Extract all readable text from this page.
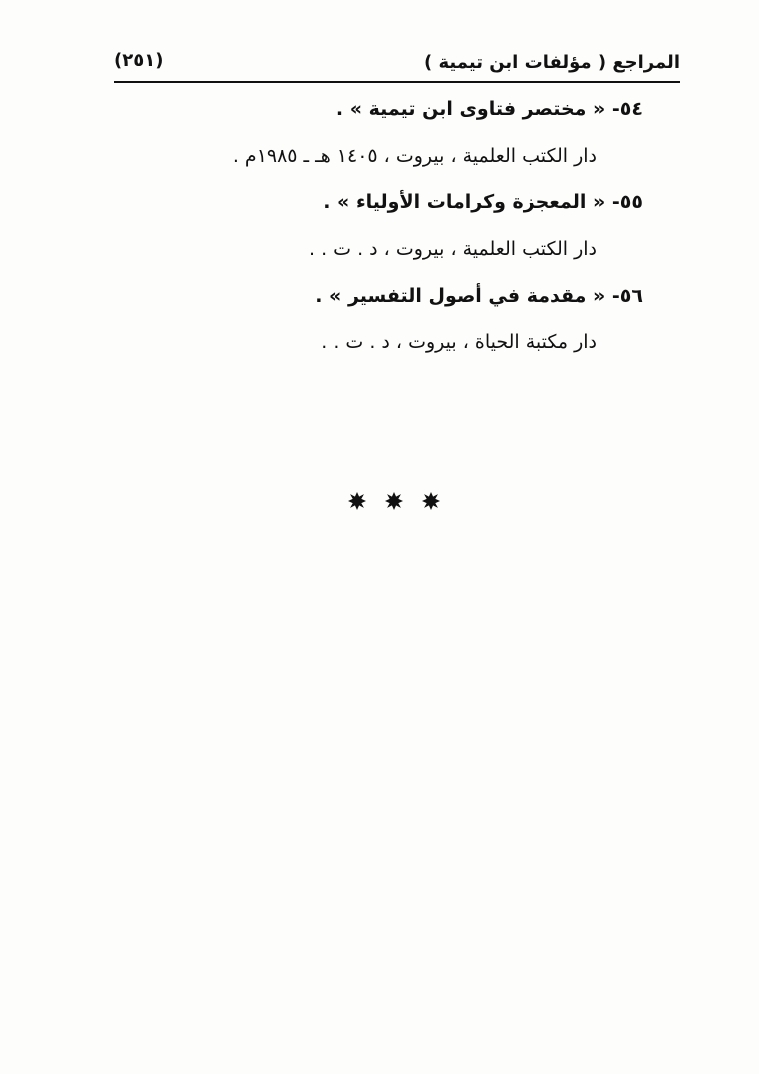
المراجع ( مؤلفات ابن تيمية )
(٢٥١)
٥٤- « مختصر فتاوى ابن تيمية » .
دار الكتب العلمية ، بيروت ، ١٤٠٥ هـ ـ ١٩٨٥م .
٥٥- « المعجزة وكرامات الأولياء » .
دار الكتب العلمية ، بيروت ، د . ت . .
٥٦- « مقدمة في أصول التفسير » .
دار مكتبة الحياة ، بيروت ، د . ت . .
